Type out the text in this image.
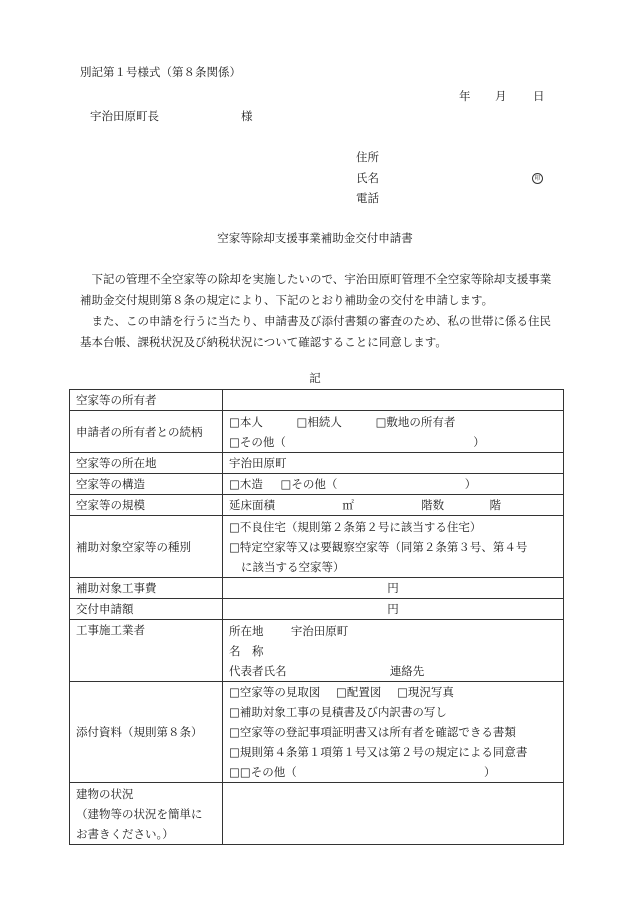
別記第１号様式（第８条関係）
年 月 日
宇治田原町長	様
住所
氏名	印
電話
空家等除却支援事業補助金交付申請書

下記の管理不全空家等の除却を実施したいので、宇治田原町管理不全空家等除却支援事業補助金交付規則第８条の規定により、下記のとおり補助金の交付を申請します。

また、この申請を行うに当たり、申請書及び添付書類の審査のため、私の世帯に係る住民基本台帳、課税状況及び納税状況について確認することに同意します。

記
空家等の所有者	

申請者の所有者との続柄	□本人 □相続人 □敷地の所有者
□その他（ ）

空家等の所在地	宇治田原町

空家等の構造	□木造 □その他（ ）

空家等の規模	延床面積 ㎡ 階数 階

補助対象空家等の種別	□不良住宅（規則第２条第２号に該当する住宅）
□特定空家等又は要観察空家等（同第２条第３号、第４号
に該当する空家等）

補助対象工事費	円

交付申請額	円

工事施工業者	所在地 宇治田原町
名　称
代表者氏名 連絡先

添付資料（規則第８条）	□空家等の見取図 □配置図 □現況写真
□補助対象工事の見積書及び内訳書の写し
□空家等の登記事項証明書又は所有者を確認できる書類
□規則第４条第１項第１号又は第２号の規定による同意書
□□その他（ ）

建物の状況
（建物等の状況を簡単に
お書きください。）	
